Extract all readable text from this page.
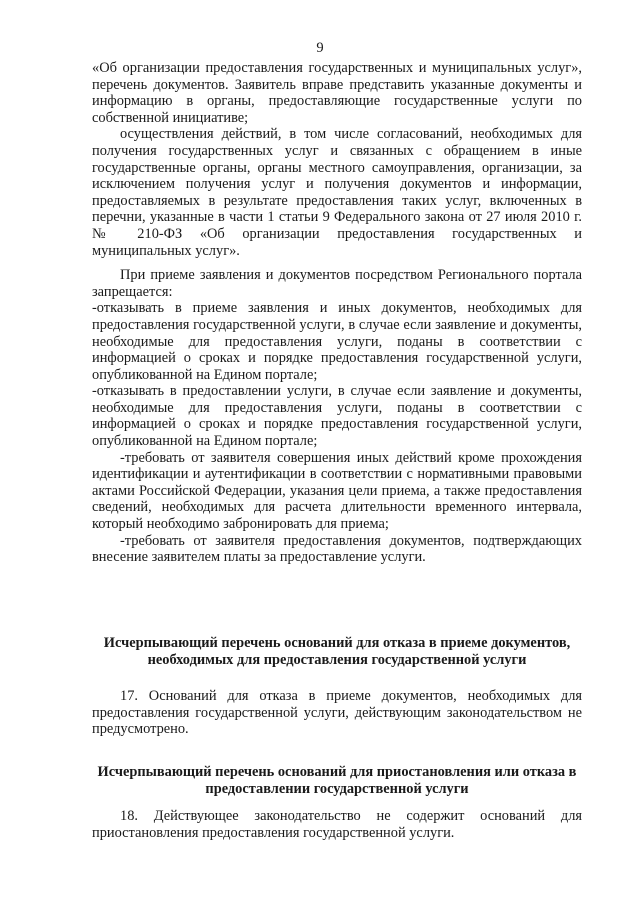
9

«Об организации предоставления государственных и муниципальных услуг», перечень документов. Заявитель вправе представить указанные документы и информацию в органы, предоставляющие государственные услуги по собственной инициативе;

осуществления действий, в том числе согласований, необходимых для получения государственных услуг и связанных с обращением в иные государственные органы, органы местного самоуправления, организации, за исключением получения услуг и получения документов и информации, предоставляемых в результате предоставления таких услуг, включенных в перечни, указанные в части 1 статьи 9 Федерального закона от 27 июля 2010 г. № 210-ФЗ «Об организации предоставления государственных и муниципальных услуг».

При приеме заявления и документов посредством Регионального портала запрещается:

-отказывать в приеме заявления и иных документов, необходимых для предоставления государственной услуги, в случае если заявление и документы, необходимые для предоставления услуги, поданы в соответствии с информацией о сроках и порядке предоставления государственной услуги, опубликованной на Едином портале;

-отказывать в предоставлении услуги, в случае если заявление и документы, необходимые для предоставления услуги, поданы в соответствии с информацией о сроках и порядке предоставления государственной услуги, опубликованной на Едином портале;

-требовать от заявителя совершения иных действий кроме прохождения идентификации и аутентификации в соответствии с нормативными правовыми актами Российской Федерации, указания цели приема, а также предоставления сведений, необходимых для расчета длительности временного интервала, который необходимо забронировать для приема;

-требовать от заявителя предоставления документов, подтверждающих внесение заявителем платы за предоставление услуги.

Исчерпывающий перечень оснований для отказа в приеме документов, необходимых для предоставления государственной услуги

17. Оснований для отказа в приеме документов, необходимых для предоставления государственной услуги, действующим законодательством не предусмотрено.

Исчерпывающий перечень оснований для приостановления или отказа в предоставлении государственной услуги

18. Действующее законодательство не содержит оснований для приостановления предоставления государственной услуги.
